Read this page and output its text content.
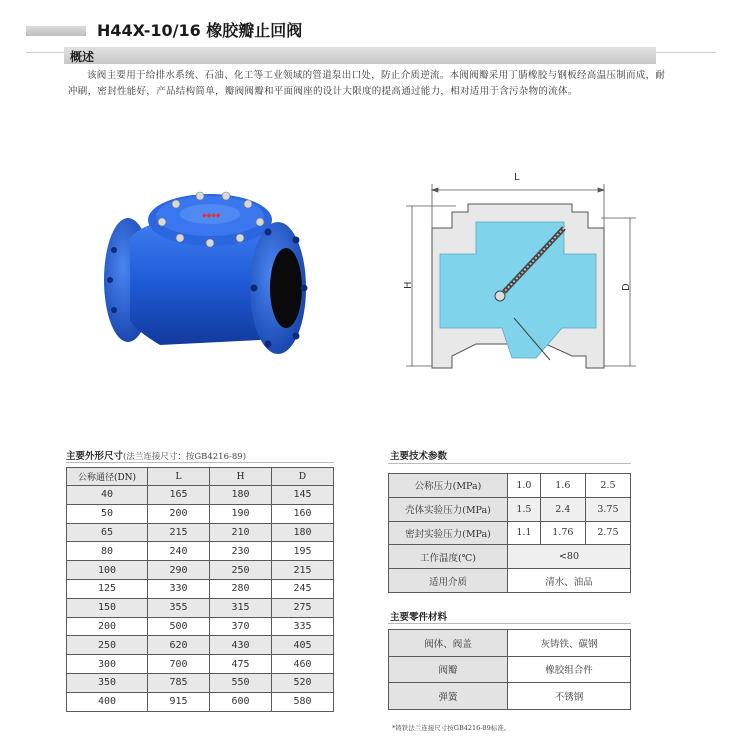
H44X-10/16 橡胶瓣止回阀
概述
该阀主要用于给排水系统、石油、化工等工业领域的管道泵出口处，防止介质逆流。本阀阀瓣采用丁腈橡胶与钢板经高温压制而成，耐冲刷，密封性能好，产品结构简单，瓣阀阀瓣和平面阀座的设计大限度的提高通过能力，相对适用于含污杂物的流体。
◆◆◆◆
L
H	D
主要外形尺寸(法兰连接尺寸：按GB4216-89)
公称通径(DN)	L	H	D
40	165	180	145
50	200	190	160
65	215	210	180
80	240	230	195
100	290	250	215
125	330	280	245
150	355	315	275
200	500	370	335
250	620	430	405
300	700	475	460
350	785	550	520
400	915	600	580
主要技术参数
公称压力(MPa)	1.0	1.6	2.5
壳体实验压力(MPa)	1.5	2.4	3.75
密封实验压力(MPa)	1.1	1.76	2.75
工作温度(℃)	<80		
适用介质	清水、油品		
主要零件材料
阀体、阀盖	灰铸铁、碳钢
阀瓣	橡胶组合件
弹簧	不锈钢
*铸铁法兰连接尺寸按GB4216-89标准。
